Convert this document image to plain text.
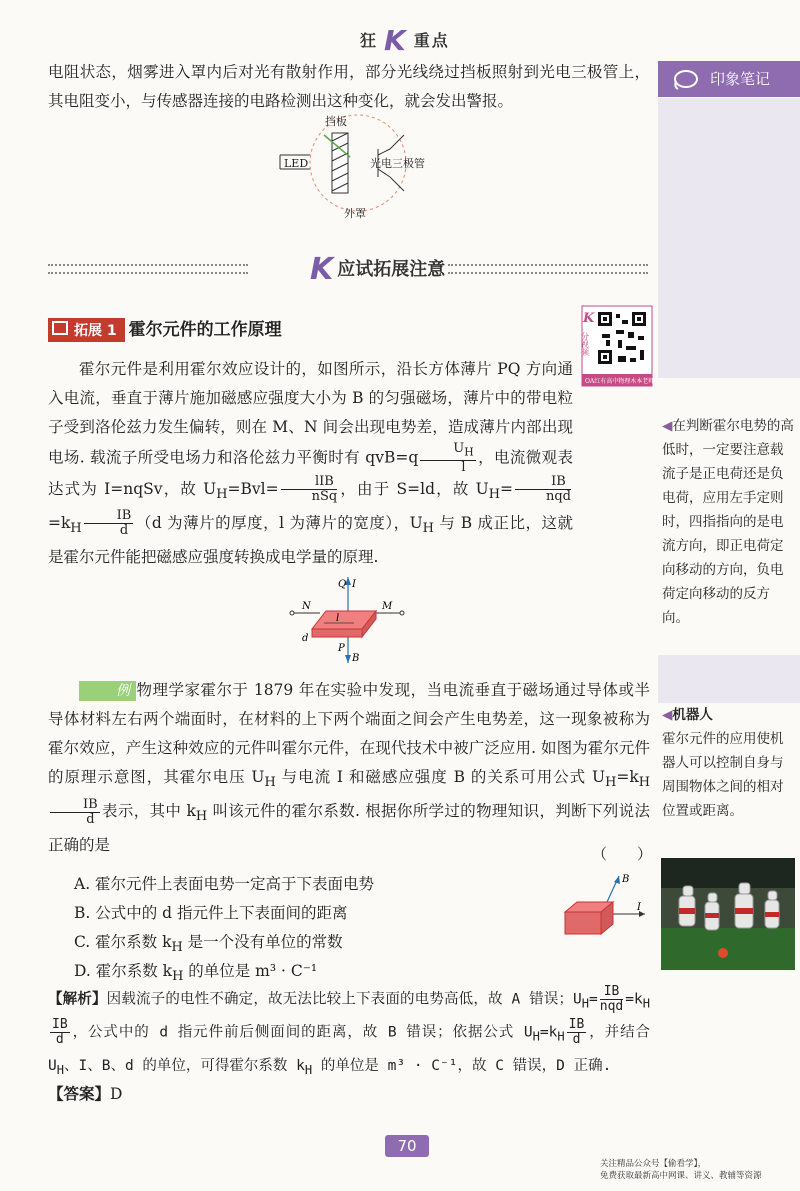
狂 K 重点
电阻状态，烟雾进入罩内后对光有散射作用，部分光线绕过挡板照射到光电三极管上，其电阻变小，与传感器连接的电路检测出这种变化，就会发出警报。
挡板
LED	光电三极管
外罩
印象笔记
◀在判断霍尔电势的高低时，一定要注意载流子是正电荷还是负电荷，应用左手定则时，四指指向的是电流方向，即正电荷定向移动的方向，负电荷定向移动的反方向。
◀机器人
霍尔元件的应用使机器人可以控制自身与周围物体之间的相对位置或距离。
K应试拓展注意
拓展 1 霍尔元件的工作原理
K
分视频
OA红有高中物理木本老师
霍尔元件是利用霍尔效应设计的，如图所示，沿长方体薄片 PQ 方向通入电流，垂直于薄片施加磁感应强度大小为 B 的匀强磁场，薄片中的带电粒子受到洛伦兹力发生偏转，则在 M、N 间会出现电势差，造成薄片内部出现电场. 载流子所受电场力和洛伦兹力平衡时有 $qvB=q \frac{U_H}{l}$ ，电流微观表达式为 I=nqSv，故 $U_H=Bvl= \frac{\text{lIB}}{\text{nSq}}$ ，由于 S=ld，故 $U_H= \frac{IB}{\text{nqd}}$
$=k_H \frac{IB}{d} (d$ 为薄片的厚度，l 为薄片的宽度），$U_H$ 与 B 成正比，这就是霍尔元件能把磁感应强度转换成电学量的原理.
Q I
N	M
l
d
P
B
例 物理学家霍尔于 1879 年在实验中发现，当电流垂直于磁场通过导体或半导体材料左右两个端面时，在材料的上下两个端面之间会产生电势差，这一现象被称为霍尔效应，产生这种效应的元件叫霍尔元件，在现代技术中被广泛应用. 如图为霍尔元件的原理示意图，其霍尔电压 $U_H$ 与电流 I 和磁感应强度 B 的关系可用公式 $U_H=k_H$
$\frac{IB}{d}$ 表示，其中 $k_H$ 叫该元件的霍尔系数. 根据你所学过的物理知识，判断下列说法正确的是	（　　）
A. 霍尔元件上表面电势一定高于下表面电势
B. 公式中的 d 指元件上下表面间的距离
C. 霍尔系数 $k_H$ 是一个没有单位的常数
D. 霍尔系数 $k_H$ 的单位是 m³ · C⁻¹
B
I
【解析】因载流子的电性不确定，故无法比较上下表面的电势高低，故 A 错误；$U_H= \frac{IB}{\text{nqd}} =k_H$
$\frac{IB}{d}$ ，公式中的 d 指元件前后侧面间的距离，故 B 错误；依据公式 $U_H=k_H \frac{IB}{d}$ ，并结合 $U_H$、I、B、d 的单位，可得霍尔系数 $k_H$ 的单位是 m³ · C⁻¹，故 C 错误，D 正确.
【答案】D
70
关注精品公众号【偷看学】，
免费获取最新高中网课、讲义、教辅等资源
